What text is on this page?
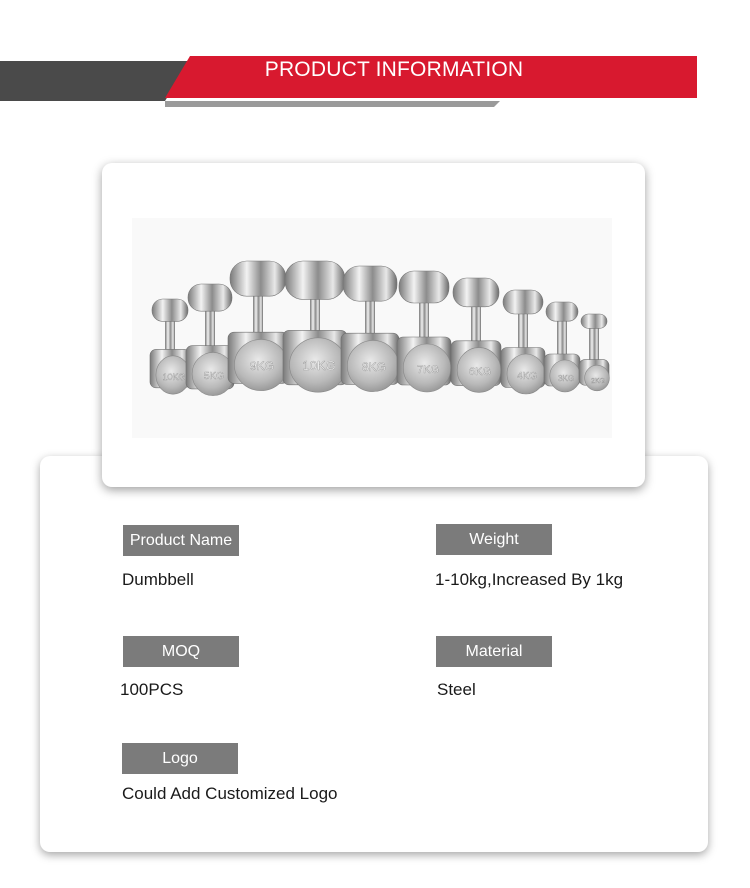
PRODUCT INFORMATION
Product Name
Dumbbell
Weight
1-10kg,Increased By 1kg
MOQ
100PCS
Material
Steel
Logo
Could Add Customized Logo
10KG 5KG
9KG 10KG 8KG	7KG	6KG	4KG	3KG 2KG
